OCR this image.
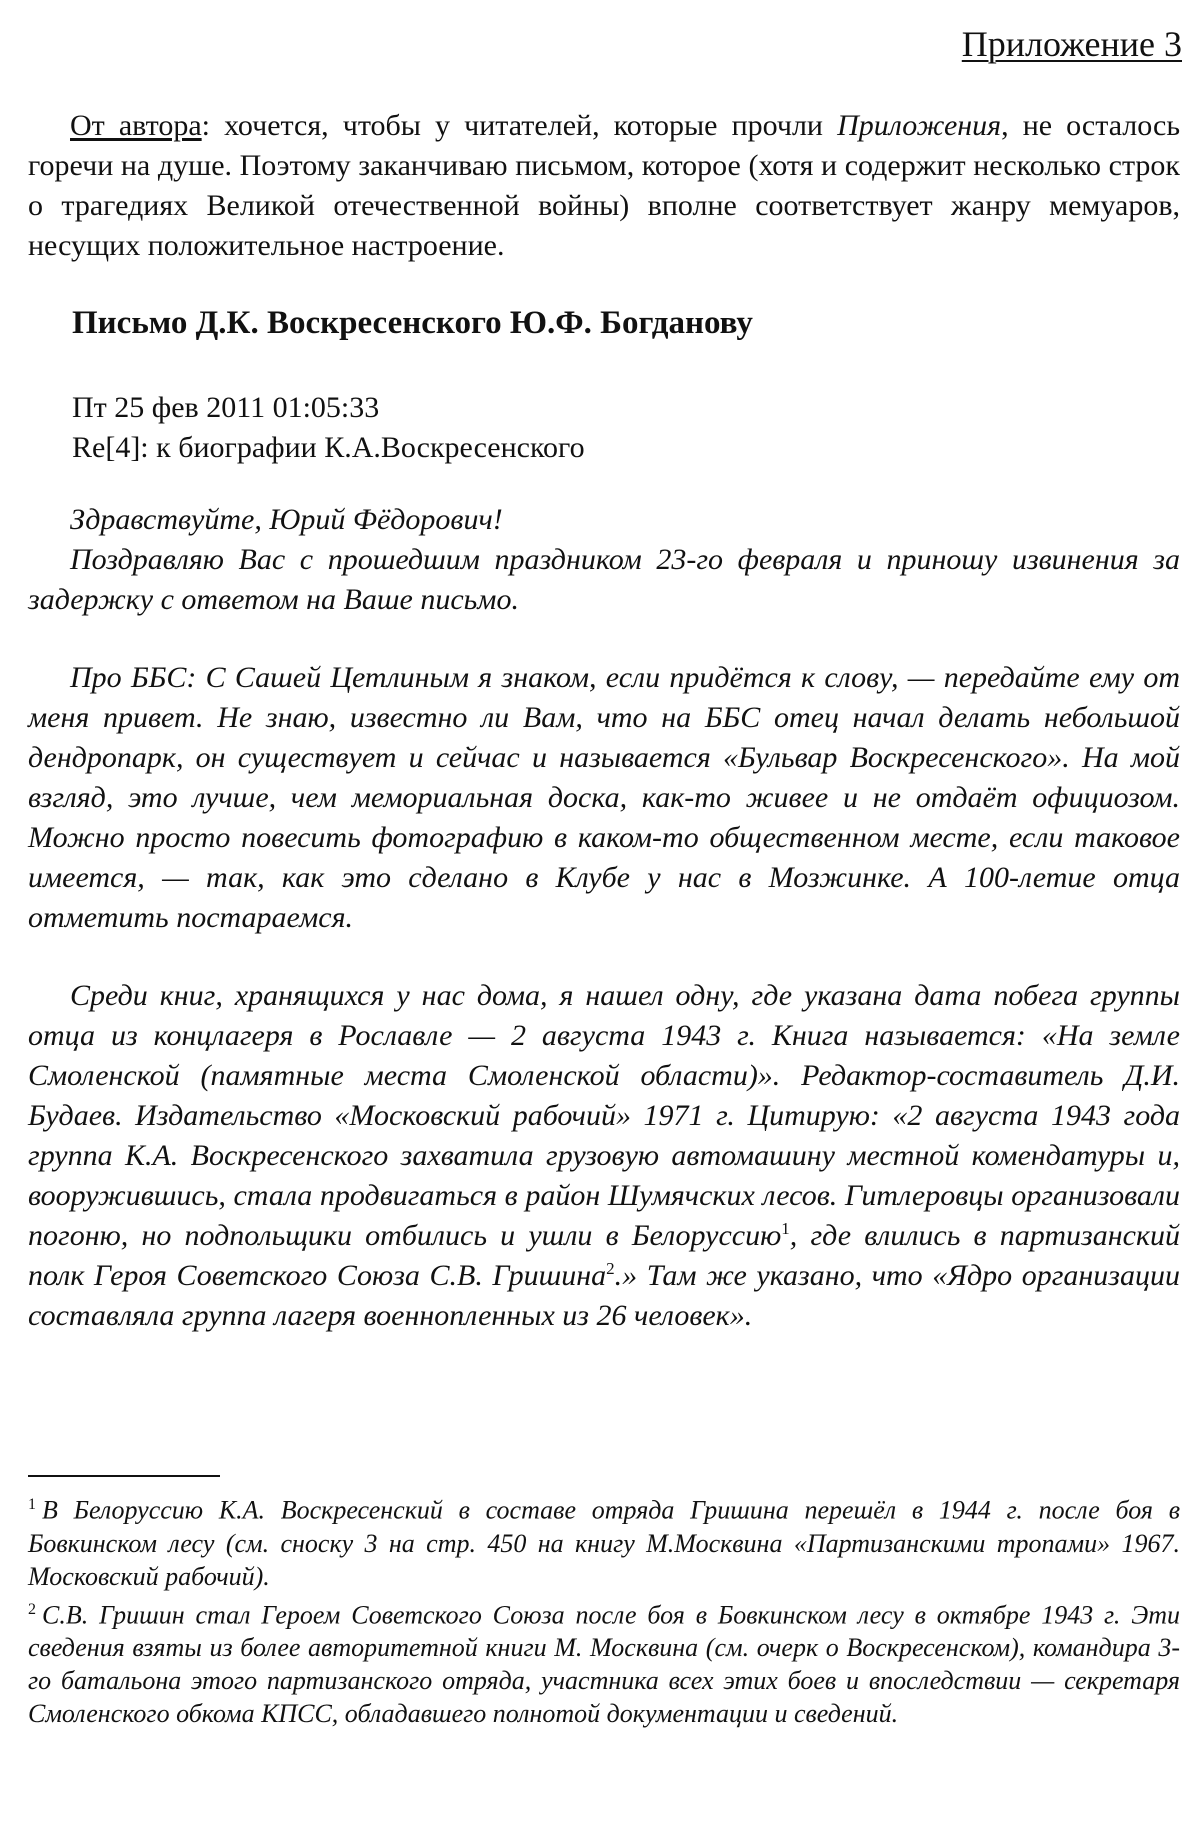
Приложение 3

От автора: хочется, чтобы у читателей, которые прочли Приложения, не осталось горечи на душе. Поэтому заканчиваю письмом, которое (хотя и содержит несколько строк о трагедиях Великой отечественной войны) вполне соответствует жанру мемуаров, несущих положительное настроение.

Письмо Д.К. Воскресенского Ю.Ф. Богданову
Пт 25 фев 2011 01:05:33
Re[4]: к биографии К.А.Воскресенского

Здравствуйте, Юрий Фёдорович!

Поздравляю Вас с прошедшим праздником 23-го февраля и приношу извинения за задержку с ответом на Ваше письмо.

Про ББС: С Сашей Цетлиным я знаком, если придётся к слову, — передайте ему от меня привет. Не знаю, известно ли Вам, что на ББС отец начал делать небольшой дендропарк, он существует и сейчас и называется «Бульвар Воскресенского». На мой взгляд, это лучше, чем мемориальная доска, как-то живее и не отдаёт официозом. Можно просто повесить фотографию в каком-то общественном месте, если таковое имеется, — так, как это сделано в Клубе у нас в Мозжинке. А 100-летие отца отметить постараемся.

Среди книг, хранящихся у нас дома, я нашел одну, где указана дата побега группы отца из концлагеря в Рославле — 2 августа 1943 г. Книга называется: «На земле Смоленской (памятные места Смоленской области)». Редактор-составитель Д.И. Будаев. Издательство «Московский рабочий» 1971 г. Цитирую: «2 августа 1943 года группа К.А. Воскресенского захватила грузовую автомашину местной комендатуры и, вооружившись, стала продвигаться в район Шумячских лесов. Гитлеровцы организовали погоню, но подпольщики отбились и ушли в Белоруссию$^1$, где влились в партизанский полк Героя Советского Союза С.В. Гришина$^2$.» Там же указано, что «Ядро организации составляла группа лагеря военнопленных из 26 человек».

$^1$ В Белоруссию К.А. Воскресенский в составе отряда Гришина перешёл в 1944 г. после боя в Бовкинском лесу (см. сноску 3 на стр. 450 на книгу М.Москвина «Партизанскими тропами» 1967. Московский рабочий).

$^2$ С.В. Гришин стал Героем Советского Союза после боя в Бовкинском лесу в октябре 1943 г. Эти сведения взяты из более авторитетной книги М. Москвина (см. очерк о Воскресенском), командира 3-го батальона этого партизанского отряда, участника всех этих боев и впоследствии — секретаря Смоленского обкома КПСС, обладавшего полнотой документации и сведений.
